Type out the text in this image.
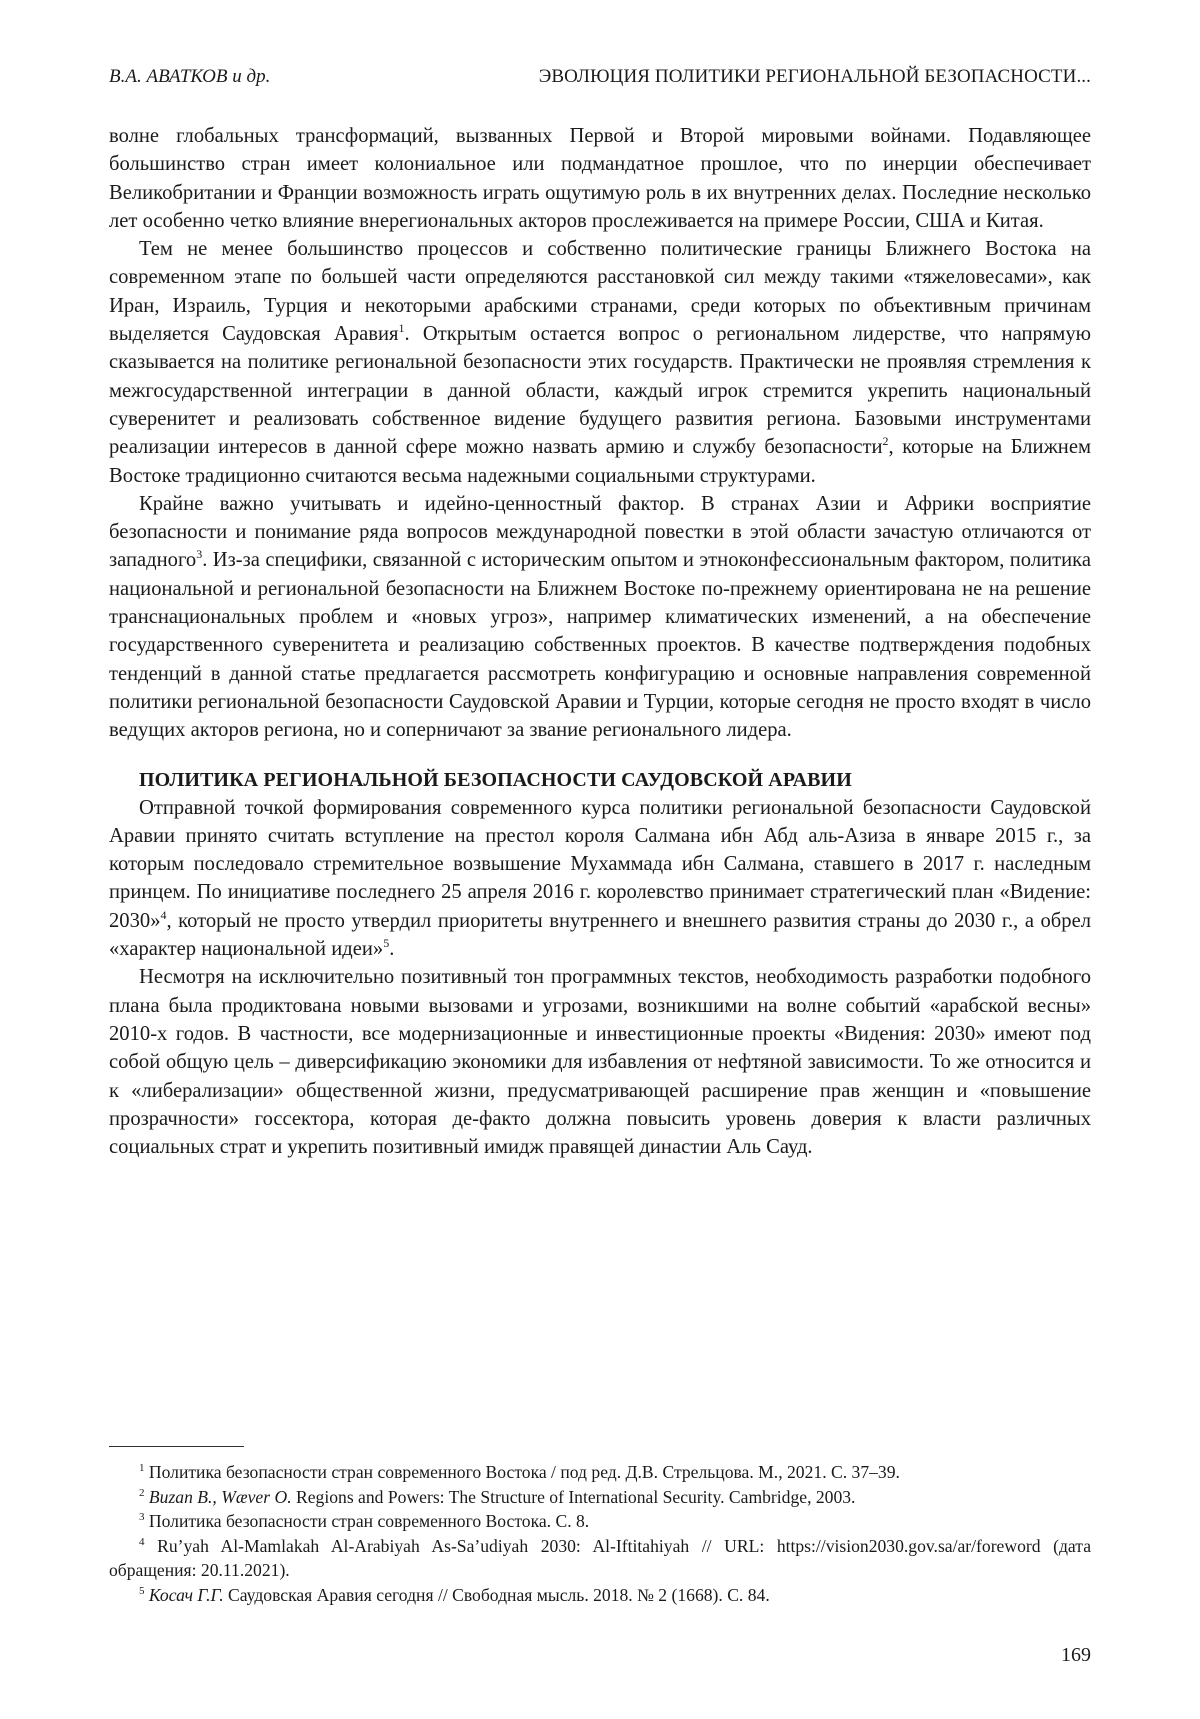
В.А. АВАТКОВ и др.	ЭВОЛЮЦИЯ ПОЛИТИКИ РЕГИОНАЛЬНОЙ БЕЗОПАСНОСТИ...

волне глобальных трансформаций, вызванных Первой и Второй мировыми войнами. Подавляющее большинство стран имеет колониальное или подмандатное прошлое, что по инерции обеспечивает Великобритании и Франции возможность играть ощутимую роль в их внутренних делах. Последние несколько лет особенно четко влияние внерегиональных акторов прослеживается на примере России, США и Китая.

Тем не менее большинство процессов и собственно политические границы Ближнего Востока на современном этапе по большей части определяются расстановкой сил между такими «тяжеловесами», как Иран, Израиль, Турция и некоторыми арабскими странами, среди которых по объективным причинам выделяется Саудовская Аравия$^1$. Открытым остается вопрос о региональном лидерстве, что напрямую сказывается на политике региональной безопасности этих государств. Практически не проявляя стремления к межгосударственной интеграции в данной области, каждый игрок стремится укрепить национальный суверенитет и реализовать собственное видение будущего развития региона. Базовыми инструментами реализации интересов в данной сфере можно назвать армию и службу безопасности$^2$, которые на Ближнем Востоке традиционно считаются весьма надежными социальными структурами.

Крайне важно учитывать и идейно-ценностный фактор. В странах Азии и Африки восприятие безопасности и понимание ряда вопросов международной повестки в этой области зачастую отличаются от западного$^3$. Из-за специфики, связанной с историческим опытом и этноконфессиональным фактором, политика национальной и региональной безопасности на Ближнем Востоке по-прежнему ориентирована не на решение транснациональных проблем и «новых угроз», например климатических изменений, а на обеспечение государственного суверенитета и реализацию собственных проектов. В качестве подтверждения подобных тенденций в данной статье предлагается рассмотреть конфигурацию и основные направления современной политики региональной безопасности Саудовской Аравии и Турции, которые сегодня не просто входят в число ведущих акторов региона, но и соперничают за звание регионального лидера.

ПОЛИТИКА РЕГИОНАЛЬНОЙ БЕЗОПАСНОСТИ САУДОВСКОЙ АРАВИИ

Отправной точкой формирования современного курса политики региональной безопасности Саудовской Аравии принято считать вступление на престол короля Салмана ибн Абд аль-Азиза в январе 2015 г., за которым последовало стремительное возвышение Мухаммада ибн Салмана, ставшего в 2017 г. наследным принцем. По инициативе последнего 25 апреля 2016 г. королевство принимает стратегический план «Видение: 2030»$^4$, который не просто утвердил приоритеты внутреннего и внешнего развития страны до 2030 г., а обрел «характер национальной идеи»$^5$.

Несмотря на исключительно позитивный тон программных текстов, необходимость разработки подобного плана была продиктована новыми вызовами и угрозами, возникшими на волне событий «арабской весны» 2010-х годов. В частности, все модернизационные и инвестиционные проекты «Видения: 2030» имеют под собой общую цель – диверсификацию экономики для избавления от нефтяной зависимости. То же относится и к «либерализации» общественной жизни, предусматривающей расширение прав женщин и «повышение прозрачности» госсектора, которая де-факто должна повысить уровень доверия к власти различных социальных страт и укрепить позитивный имидж правящей династии Аль Сауд.

$^1$ Политика безопасности стран современного Востока / под ред. Д.В. Стрельцова. М., 2021. С. 37–39.

$^2$ Buzan B., Wæver O. Regions and Powers: The Structure of International Security. Cambridge, 2003.

$^3$ Политика безопасности стран современного Востока. С. 8.

$^4$ Ru’yah Al-Mamlakah Al-Arabiyah As-Sa’udiyah 2030: Al-Iftitahiyah // URL: https://vision2030.gov.sa/ar/foreword (дата обращения: 20.11.2021).

$^5$ Косач Г.Г. Саудовская Аравия сегодня // Свободная мысль. 2018. № 2 (1668). С. 84.

169
